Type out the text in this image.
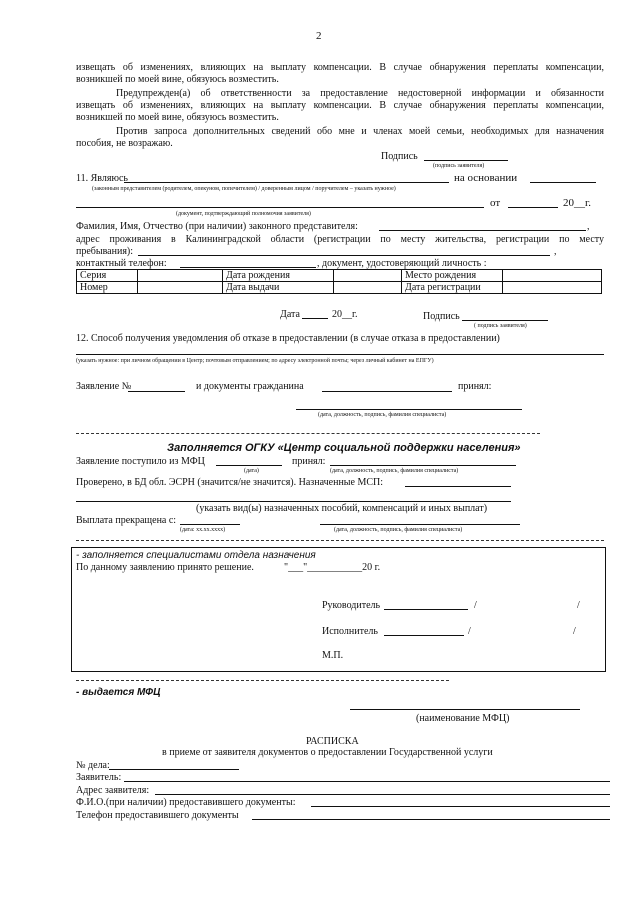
2
извещать об изменениях, влияющих на выплату компенсации. В случае обнаружения переплаты компенсации,
возникшей по моей вине, обязуюсь возместить.
Предупрежден(а) об ответственности за предоставление недостоверной информации и обязанности
извещать об изменениях, влияющих на выплату компенсации. В случае обнаружения переплаты компенсации,
возникшей по моей вине, обязуюсь возместить.
Против запроса дополнительных сведений обо мне и членах моей семьи, необходимых для назначения
пособия, не возражаю.
Подпись
(подпись заявителя)
11. Являюсь	на основании
(законным представителем (родителем, опекуном, попечителем) / доверенным лицом / поручителем – указать нужное)
от	20__г.
(документ, подтверждающий полномочия заявителя)
Фамилия, Имя, Отчество (при наличии) законного представителя:	,
адрес проживания в Калининградской области (регистрации по месту жительства, регистрации по месту
пребывания):	,
контактный телефон:	, документ, удостоверяющий личность :
Серия		Дата рождения		Место рождения	
Номер		Дата выдачи		Дата регистрации	
Дата	20__г.	Подпись
( подпись заявителя)
12. Способ получения уведомления об отказе в предоставлении (в случае отказа в предоставлении)
(указать нужное: при личном обращении в Центр; почтовым отправлением; по адресу электронной почты; через личный кабинет на ЕПГУ)
Заявление №	и документы гражданина	принял:
(дата, должность, подпись, фамилия специалиста)
Заполняется ОГКУ «Центр социальной поддержки населения»
Заявление поступило из МФЦ	принял:
(дата)	(дата, должность, подпись, фамилия специалиста)
Проверено, в БД обл. ЭСРН (значится/не значится). Назначенные МСП:
(указать вид(ы) назначенных пособий, компенсаций и иных выплат)
Выплата прекращена с:
(дата: хх.хх.хххх)	(дата, должность, подпись, фамилия специалиста)
- заполняется специалистами отдела назначения
По данному заявлению принято решение.	"___"___________20 г.
Руководитель	/	/
Исполнитель	/	/
М.П.
- выдается МФЦ
(наименование МФЦ)
РАСПИСКА
в приеме от заявителя документов о предоставлении Государственной услуги
№ дела:
Заявитель:
Адрес заявителя:
Ф.И.О.(при наличии) предоставившего документы:
Телефон предоставившего документы
